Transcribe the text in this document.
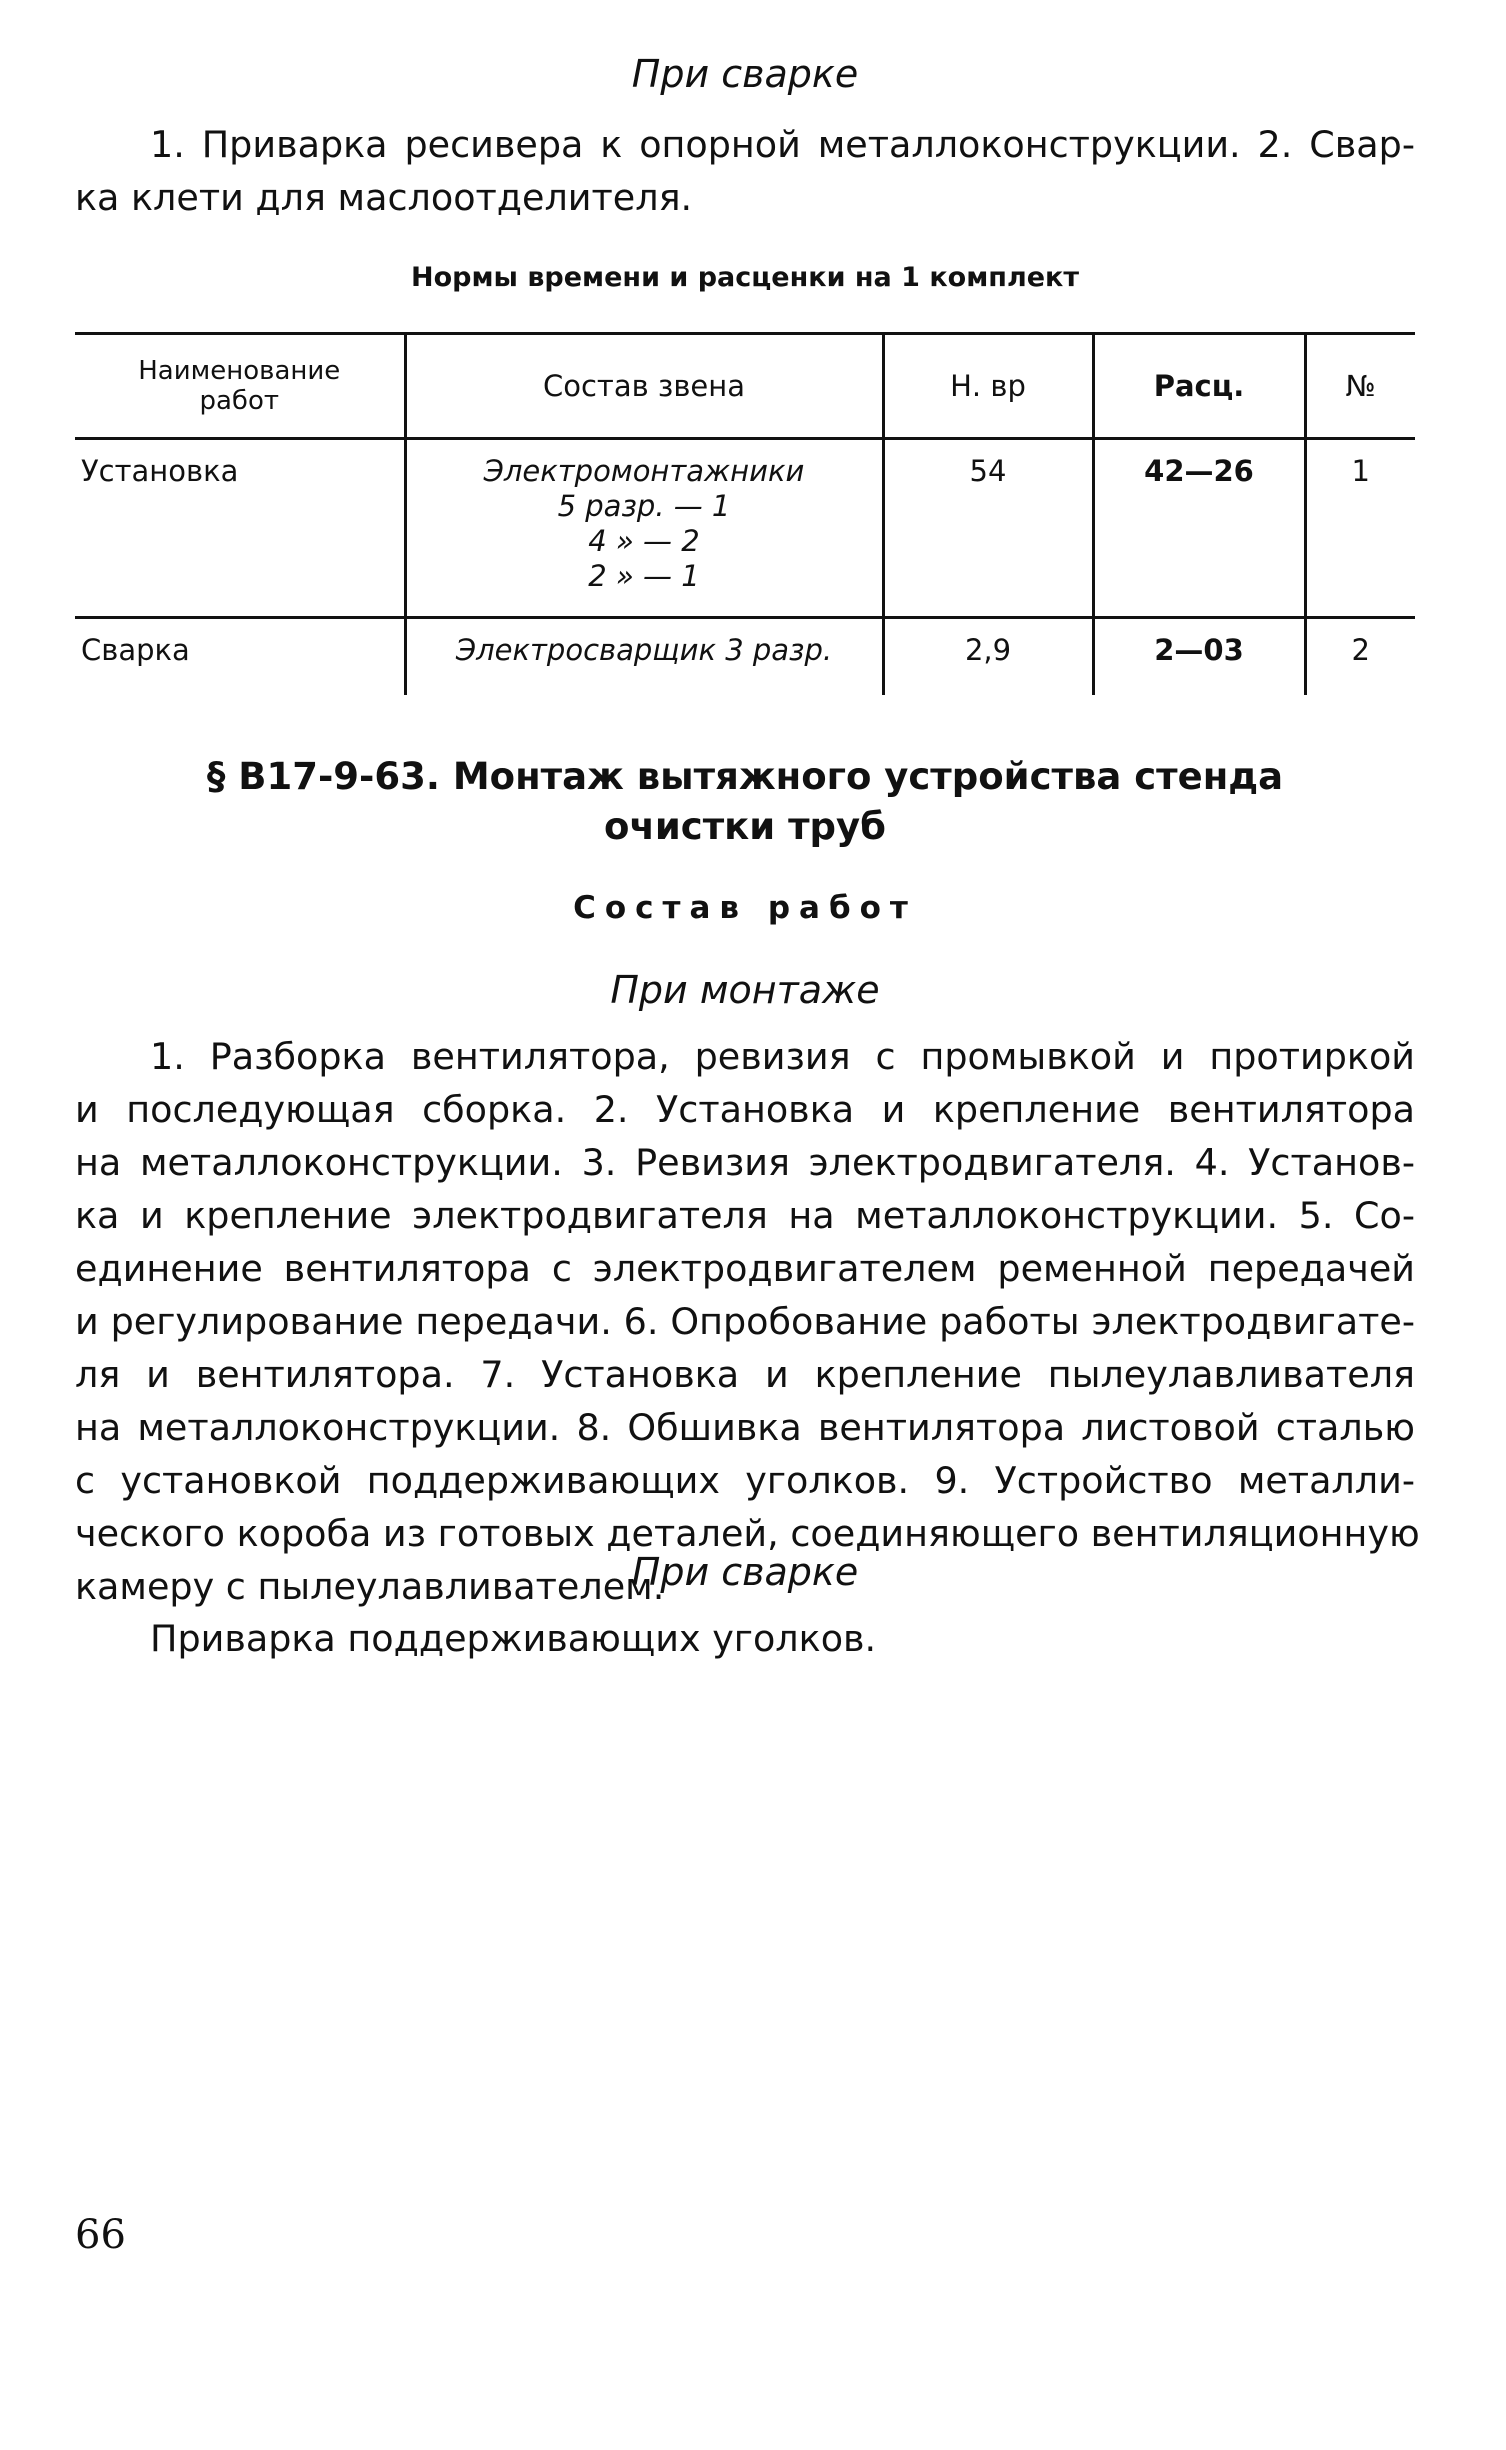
При сварке
1. Приварка ресивера к опорной металлоконструкции. 2. Свар-
ка клети для маслоотделителя.
Нормы времени и расценки на 1 комплект
Наименование
работ	Состав звена	Н. вр	Расц.	№

Установка	Электромонтажники
5 разр. — 1
4 » — 2
2 » — 1	54	42—26	1
Сварка	Электросварщик 3 разр.	2,9	2—03	2
§ В17-9-63. Монтаж вытяжного устройства стенда
очистки труб
Состав работ
При монтаже
1. Разборка вентилятора, ревизия с промывкой и протиркой
и последующая сборка. 2. Установка и крепление вентилятора
на металлоконструкции. 3. Ревизия электродвигателя. 4. Установ-
ка и крепление электродвигателя на металлоконструкции. 5. Со-
единение вентилятора с электродвигателем ременной передачей
и регулирование передачи. 6. Опробование работы электродвигате-
ля и вентилятора. 7. Установка и крепление пылеулавливателя
на металлоконструкции. 8. Обшивка вентилятора листовой сталью
с установкой поддерживающих уголков. 9. Устройство металли-
ческого короба из готовых деталей, соединяющего вентиляционную
камеру с пылеулавливателем.
При сварке
Приварка поддерживающих уголков.
66
